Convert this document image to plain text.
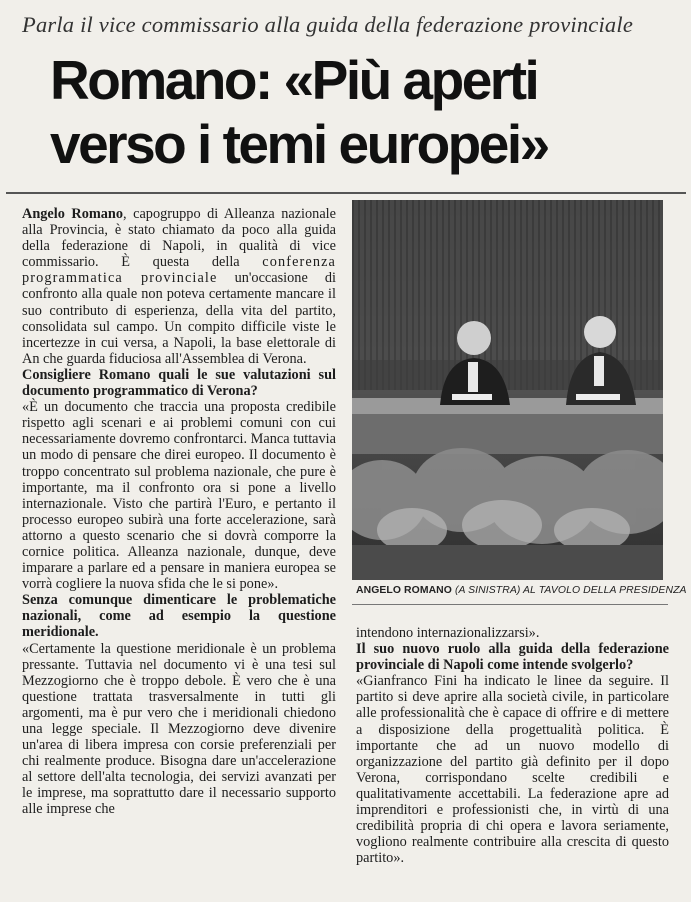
Parla il vice commissario alla guida della federazione provinciale
Romano: «Più aperti
verso i temi europei»

Angelo Romano, capogruppo di Alleanza nazionale alla Provincia, è stato chiamato da poco alla guida della federazione di Napoli, in qualità di vice commissario. È questa della conferenza programmatica provinciale un'occasione di confronto alla quale non poteva certamente mancare il suo contributo di esperienza, della vita del partito, consolidata sul campo. Un compito difficile viste le incertezze in cui versa, a Napoli, la base elettorale di An che guarda fiduciosa all'Assemblea di Verona.

Consigliere Romano quali le sue valutazioni sul documento programmatico di Verona?

«È un documento che traccia una proposta credibile rispetto agli scenari e ai problemi comuni con cui necessariamente dovremo confrontarci. Manca tuttavia un modo di pensare che direi europeo. Il documento è troppo concentrato sul problema nazionale, che pure è importante, ma il confronto ora si pone a livello internazionale. Visto che partirà l'Euro, e pertanto il processo europeo subirà una forte accelerazione, sarà attorno a questo scenario che si dovrà comporre la cornice politica. Alleanza nazionale, dunque, deve imparare a parlare ed a pensare in maniera europea se vorrà cogliere la nuova sfida che le si pone».

Senza comunque dimenticare le problematiche nazionali, come ad esempio la questione meridionale.

«Certamente la questione meridionale è un problema pressante. Tuttavia nel documento vi è una tesi sul Mezzogiorno che è troppo debole. È vero che è una questione trattata trasversalmente in tutti gli argomenti, ma è pur vero che i meridionali chiedono una legge speciale. Il Mezzogiorno deve divenire un'area di libera impresa con corsie preferenziali per chi realmente produce. Bisogna dare un'accelerazione al settore dell'alta tecnologia, dei servizi avanzati per le imprese, ma soprattutto dare il necessario supporto alle imprese che

ANGELO ROMANO (A SINISTRA) AL TAVOLO DELLA PRESIDENZA

intendono internazionalizzarsi».

Il suo nuovo ruolo alla guida della federazione provinciale di Napoli come intende svolgerlo?

«Gianfranco Fini ha indicato le linee da seguire. Il partito si deve aprire alla società civile, in particolare alle professionalità che è capace di offrire e di mettere a disposizione della progettualità politica. È importante che ad un nuovo modello di organizzazione del partito già definito per il dopo Verona, corrispondano scelte credibili e qualitativamente accettabili. La federazione apre ad imprenditori e professionisti che, in virtù di una credibilità propria di chi opera e lavora seriamente, vogliono realmente contribuire alla crescita di questo partito».
